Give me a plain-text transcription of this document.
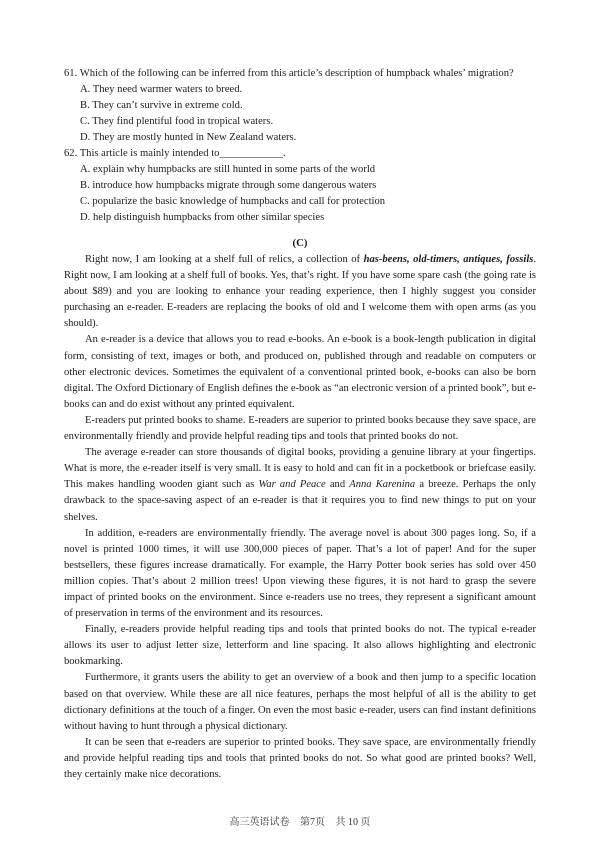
61. Which of the following can be inferred from this article’s description of humpback whales’ migration?
A. They need warmer waters to breed.
B. They can’t survive in extreme cold.
C. They find plentiful food in tropical waters.
D. They are mostly hunted in New Zealand waters.
62. This article is mainly intended to____________.
A. explain why humpbacks are still hunted in some parts of the world
B. introduce how humpbacks migrate through some dangerous waters
C. popularize the basic knowledge of humpbacks and call for protection
D. help distinguish humpbacks from other similar species
(C)

Right now, I am looking at a shelf full of relics, a collection of has-beens, old-timers, antiques, fossils. Right now, I am looking at a shelf full of books. Yes, that’s right. If you have some spare cash (the going rate is about $89) and you are looking to enhance your reading experience, then I highly suggest you consider purchasing an e-reader. E-readers are replacing the books of old and I welcome them with open arms (as you should).

An e-reader is a device that allows you to read e-books. An e-book is a book-length publication in digital form, consisting of text, images or both, and produced on, published through and readable on computers or other electronic devices. Sometimes the equivalent of a conventional printed book, e-books can also be born digital. The Oxford Dictionary of English defines the e-book as “an electronic version of a printed book”, but e-books can and do exist without any printed equivalent.

E-readers put printed books to shame. E-readers are superior to printed books because they save space, are environmentally friendly and provide helpful reading tips and tools that printed books do not.

The average e-reader can store thousands of digital books, providing a genuine library at your fingertips. What is more, the e-reader itself is very small. It is easy to hold and can fit in a pocketbook or briefcase easily. This makes handling wooden giant such as War and Peace and Anna Karenina a breeze. Perhaps the only drawback to the space-saving aspect of an e-reader is that it requires you to find new things to put on your shelves.

In addition, e-readers are environmentally friendly. The average novel is about 300 pages long. So, if a novel is printed 1000 times, it will use 300,000 pieces of paper. That’s a lot of paper! And for the super bestsellers, these figures increase dramatically. For example, the Harry Potter book series has sold over 450 million copies. That’s about 2 million trees! Upon viewing these figures, it is not hard to grasp the severe impact of printed books on the environment. Since e-readers use no trees, they represent a significant amount of preservation in terms of the environment and its resources.

Finally, e-readers provide helpful reading tips and tools that printed books do not. The typical e-reader allows its user to adjust letter size, letterform and line spacing. It also allows highlighting and electronic bookmarking.

Furthermore, it grants users the ability to get an overview of a book and then jump to a specific location based on that overview. While these are all nice features, perhaps the most helpful of all is the ability to get dictionary definitions at the touch of a finger. On even the most basic e-reader, users can find instant definitions without having to hunt through a physical dictionary.

It can be seen that e-readers are superior to printed books. They save space, are environmentally friendly and provide helpful reading tips and tools that printed books do not. So what good are printed books? Well, they certainly make nice decorations.

高三英语试卷 第7页 共 10 页
